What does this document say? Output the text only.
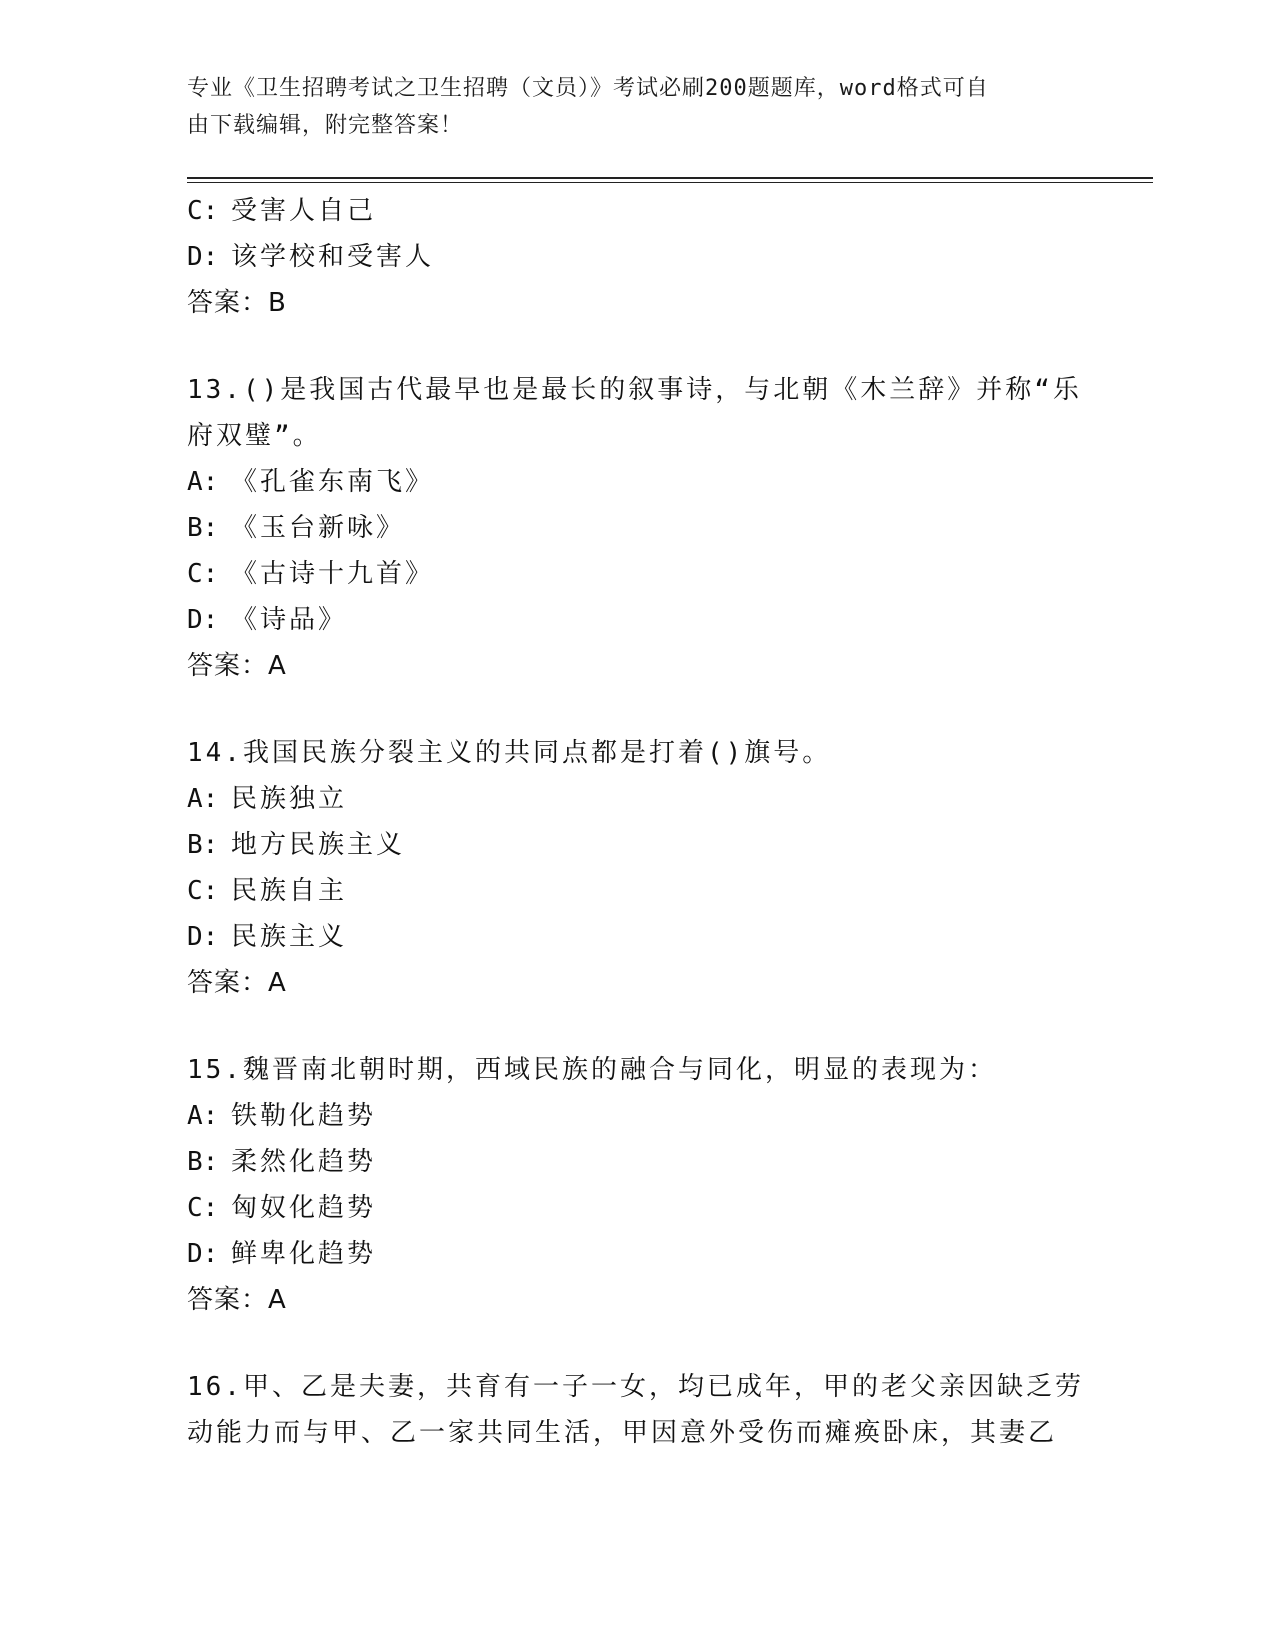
专业《卫生招聘考试之卫生招聘（文员）》考试必刷200题题库，word格式可自
由下载编辑，附完整答案！
C: 受害人自己
D: 该学校和受害人
答案：B
13.()是我国古代最早也是最长的叙事诗，与北朝《木兰辞》并称“乐
府双璧”。
A: 《孔雀东南飞》
B: 《玉台新咏》
C: 《古诗十九首》
D: 《诗品》
答案：A
14.我国民族分裂主义的共同点都是打着()旗号。
A: 民族独立
B: 地方民族主义
C: 民族自主
D: 民族主义
答案：A
15.魏晋南北朝时期，西域民族的融合与同化，明显的表现为：
A: 铁勒化趋势
B: 柔然化趋势
C: 匈奴化趋势
D: 鲜卑化趋势
答案：A
16.甲、乙是夫妻，共育有一子一女，均已成年，甲的老父亲因缺乏劳
动能力而与甲、乙一家共同生活，甲因意外受伤而瘫痪卧床，其妻乙
